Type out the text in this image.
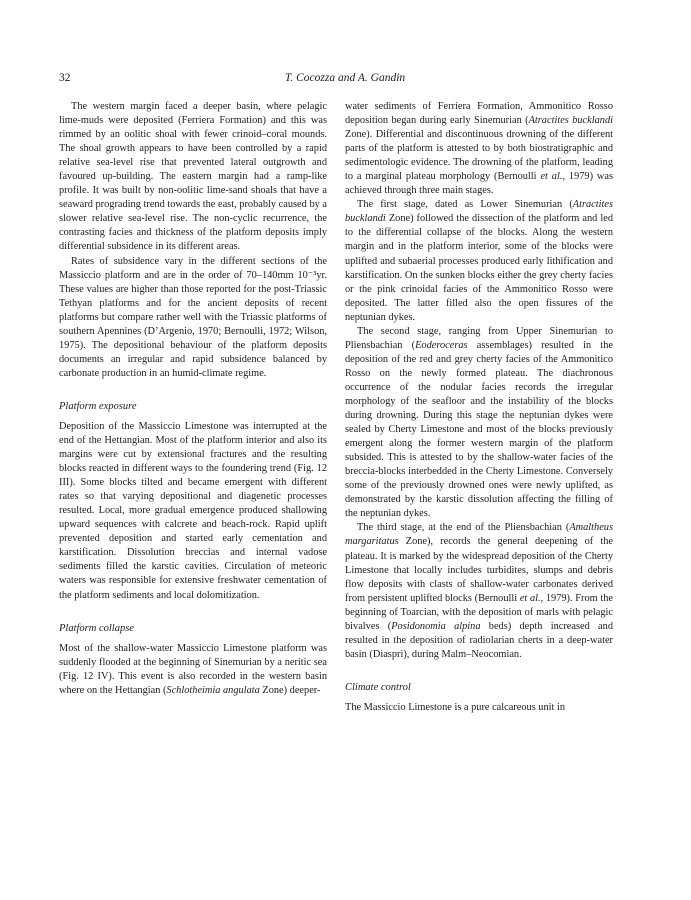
32	T. Cocozza and A. Gandin

The western margin faced a deeper basin, where pelagic lime-muds were deposited (Ferriera Formation) and this was rimmed by an oolitic shoal with fewer crinoid–coral mounds. The shoal growth appears to have been controlled by a rapid relative sea-level rise that prevented lateral outgrowth and favoured up-building. The eastern margin had a ramp-like profile. It was built by non-oolitic lime-sand shoals that have a seaward prograding trend towards the east, probably caused by a slower relative sea-level rise. The non-cyclic recurrence, the contrasting facies and thickness of the platform deposits imply differential subsidence in its different areas.

Rates of subsidence vary in the different sections of the Massiccio platform and are in the order of 70–140mm 10⁻³yr. These values are higher than those reported for the post-Triassic Tethyan platforms and for the ancient deposits of recent platforms but compare rather well with the Triassic platforms of southern Apennines (D’Argenio, 1970; Bernoulli, 1972; Wilson, 1975). The depositional behaviour of the platform deposits documents an irregular and rapid subsidence balanced by carbonate production in an humid-climate regime.

Platform exposure

Deposition of the Massiccio Limestone was interrupted at the end of the Hettangian. Most of the platform interior and also its margins were cut by extensional fractures and the resulting blocks reacted in different ways to the foundering trend (Fig. 12 III). Some blocks tilted and became emergent with different rates so that varying depositional and diagenetic processes resulted. Local, more gradual emergence produced shallowing upward sequences with calcrete and beach-rock. Rapid uplift prevented deposition and started early cementation and karstification. Dissolution breccias and internal vadose sediments filled the karstic cavities. Circulation of meteoric waters was responsible for extensive freshwater cementation of the platform sediments and local dolomitization.

Platform collapse

Most of the shallow-water Massiccio Limestone platform was suddenly flooded at the beginning of Sinemurian by a neritic sea (Fig. 12 IV). This event is also recorded in the western basin where on the Hettangian (Schlotheimia angulata Zone) deeper-

water sediments of Ferriera Formation, Ammonitico Rosso deposition began during early Sinemurian (Atractites bucklandi Zone). Differential and discontinuous drowning of the different parts of the platform is attested to by both biostratigraphic and sedimentologic evidence. The drowning of the platform, leading to a marginal plateau morphology (Bernoulli et al., 1979) was achieved through three main stages.

The first stage, dated as Lower Sinemurian (Atractites bucklandi Zone) followed the dissection of the platform and led to the differential collapse of the blocks. Along the western margin and in the platform interior, some of the blocks were uplifted and subaerial processes produced early lithification and karstification. On the sunken blocks either the grey cherty facies or the pink crinoidal facies of the Ammonitico Rosso were deposited. The latter filled also the open fissures of the neptunian dykes.

The second stage, ranging from Upper Sinemurian to Pliensbachian (Eoderoceras assemblages) resulted in the deposition of the red and grey cherty facies of the Ammonitico Rosso on the newly formed plateau. The diachronous occurrence of the nodular facies records the irregular morphology of the seafloor and the instability of the blocks during drowning. During this stage the neptunian dykes were sealed by Cherty Limestone and most of the blocks previously emergent along the former western margin of the platform subsided. This is attested to by the shallow-water facies of the breccia-blocks interbedded in the Cherty Limestone. Conversely some of the previously drowned ones were newly uplifted, as demonstrated by the karstic dissolution affecting the filling of the neptunian dykes.

The third stage, at the end of the Pliensbachian (Amaltheus margaritatus Zone), records the general deepening of the plateau. It is marked by the widespread deposition of the Cherty Limestone that locally includes turbidites, slumps and debris flow deposits with clasts of shallow-water carbonates derived from persistent uplifted blocks (Bernoulli et al., 1979). From the beginning of Toarcian, with the deposition of marls with pelagic bivalves (Posidonomia alpina beds) depth increased and resulted in the deposition of radiolarian cherts in a deep-water basin (Diaspri), during Malm–Neocomian.

Climate control

The Massiccio Limestone is a pure calcareous unit in
